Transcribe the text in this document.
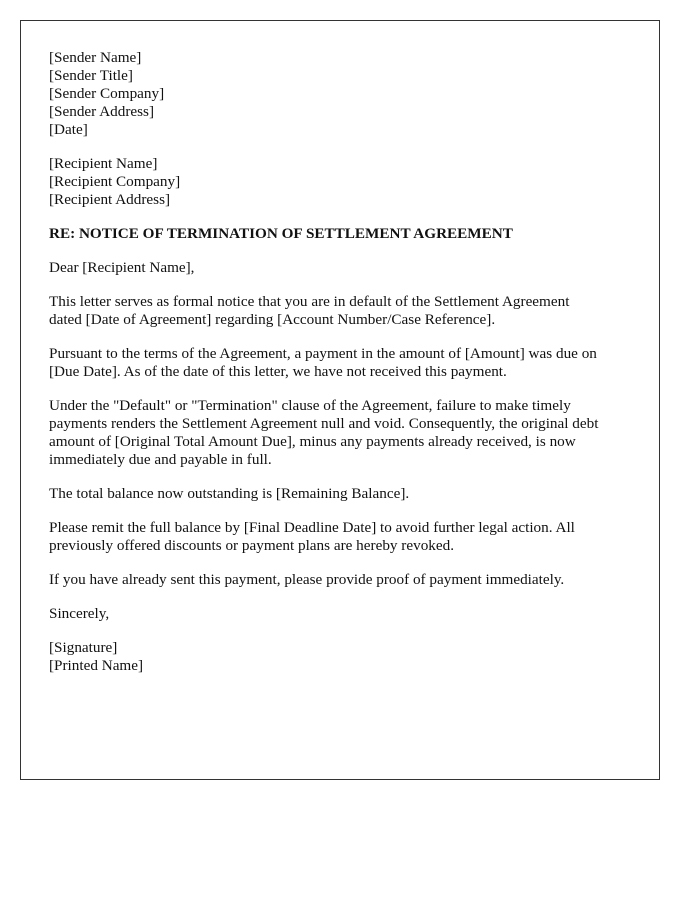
[Sender Name]
[Sender Title]
[Sender Company]
[Sender Address]
[Date]
[Recipient Name]
[Recipient Company]
[Recipient Address]
RE: NOTICE OF TERMINATION OF SETTLEMENT AGREEMENT
Dear [Recipient Name],
This letter serves as formal notice that you are in default of the Settlement Agreement
dated [Date of Agreement] regarding [Account Number/Case Reference].
Pursuant to the terms of the Agreement, a payment in the amount of [Amount] was due on
[Due Date]. As of the date of this letter, we have not received this payment.
Under the "Default" or "Termination" clause of the Agreement, failure to make timely
payments renders the Settlement Agreement null and void. Consequently, the original debt
amount of [Original Total Amount Due], minus any payments already received, is now
immediately due and payable in full.
The total balance now outstanding is [Remaining Balance].
Please remit the full balance by [Final Deadline Date] to avoid further legal action. All
previously offered discounts or payment plans are hereby revoked.
If you have already sent this payment, please provide proof of payment immediately.
Sincerely,
[Signature]
[Printed Name]
